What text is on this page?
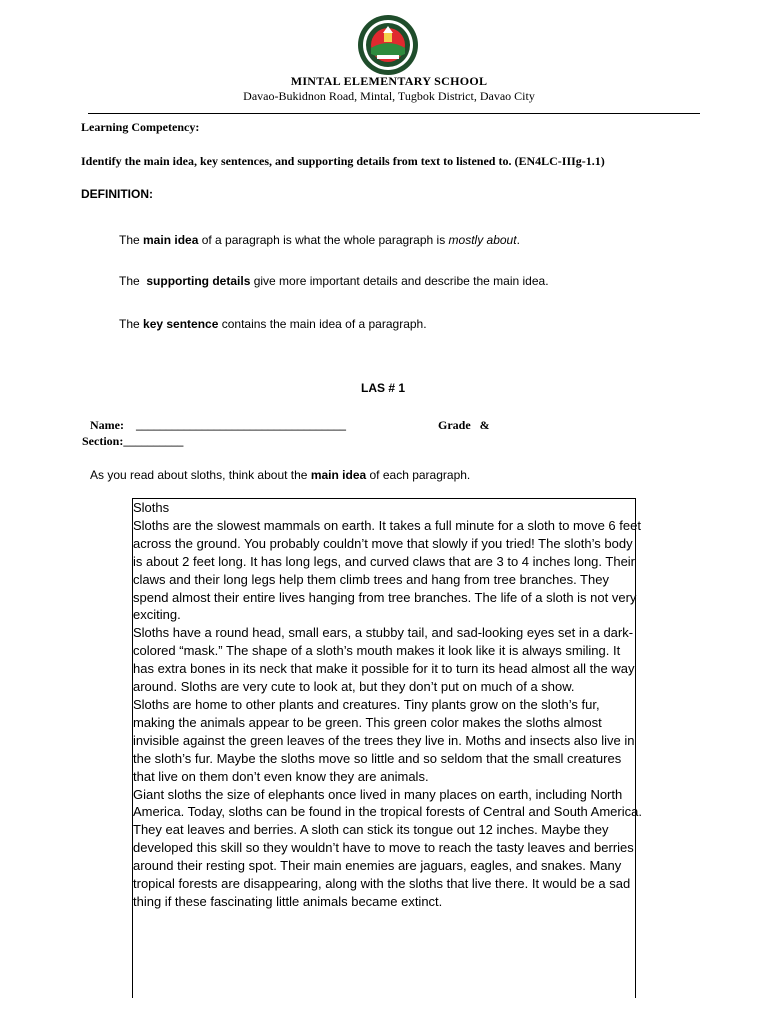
MINTAL ELEMENTARY SCHOOL
Davao-Bukidnon Road, Mintal, Tugbok District, Davao City
Learning Competency:
Identify the main idea, key sentences, and supporting details from text to listened to. (EN4LC-IIIg-1.1)
DEFINITION:
The main idea of a paragraph is what the whole paragraph is mostly about.
The  supporting details give more important details and describe the main idea.
The key sentence contains the main idea of a paragraph.
LAS # 1
Name: ___________________________________	Grade &
Section:__________
As you read about sloths, think about the main idea of each paragraph.
Sloths
Sloths are the slowest mammals on earth. It takes a full minute for a sloth to move 6 feet across the ground. You probably couldn’t move that slowly if you tried! The sloth’s body is about 2 feet long. It has long legs, and curved claws that are 3 to 4 inches long. Their claws and their long legs help them climb trees and hang from tree branches. They spend almost their entire lives hanging from tree branches. The life of a sloth is not very exciting.
Sloths have a round head, small ears, a stubby tail, and sad-looking eyes set in a dark-colored “mask.” The shape of a sloth’s mouth makes it look like it is always smiling. It has extra bones in its neck that make it possible for it to turn its head almost all the way around. Sloths are very cute to look at, but they don’t put on much of a show.
Sloths are home to other plants and creatures. Tiny plants grow on the sloth’s fur, making the animals appear to be green. This green color makes the sloths almost invisible against the green leaves of the trees they live in. Moths and insects also live in the sloth’s fur. Maybe the sloths move so little and so seldom that the small creatures that live on them don’t even know they are animals.
Giant sloths the size of elephants once lived in many places on earth, including North America. Today, sloths can be found in the tropical forests of Central and South America. They eat leaves and berries. A sloth can stick its tongue out 12 inches. Maybe they developed this skill so they wouldn’t have to move to reach the tasty leaves and berries around their resting spot. Their main enemies are jaguars, eagles, and snakes. Many tropical forests are disappearing, along with the sloths that live there. It would be a sad thing if these fascinating little animals became extinct.
